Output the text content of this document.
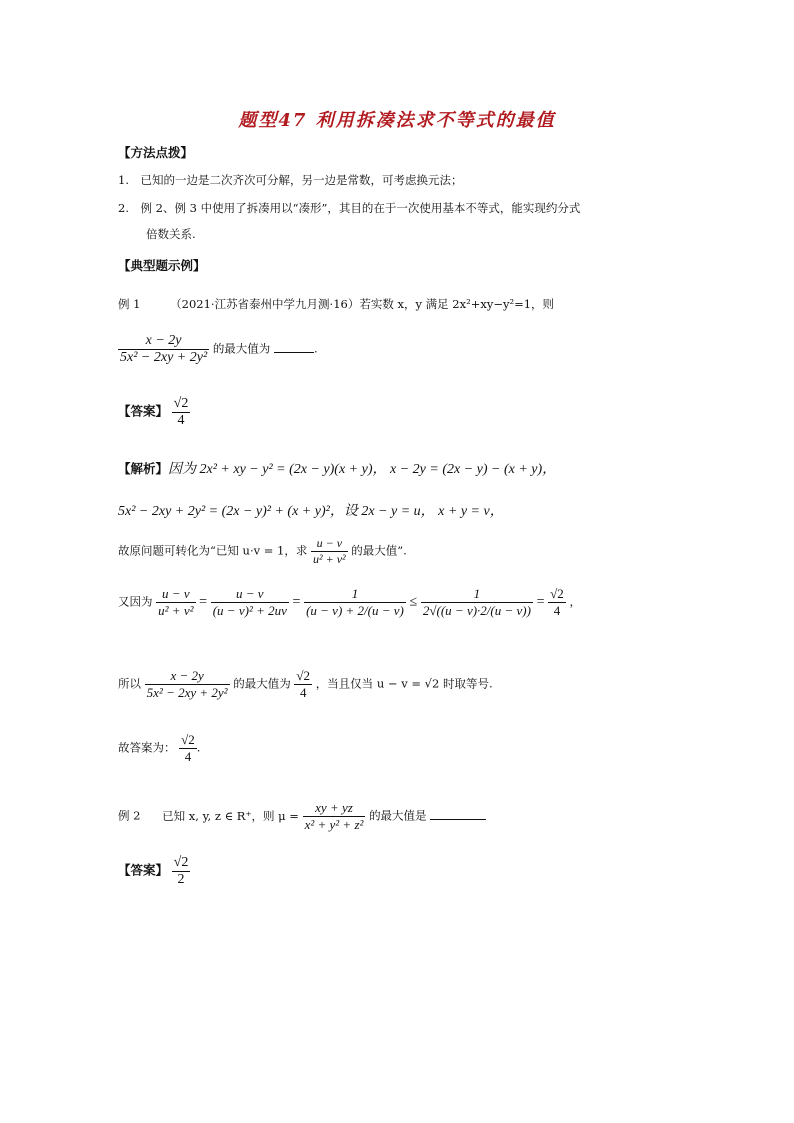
题型47 利用拆凑法求不等式的最值
【方法点拨】
1.　已知的一边是二次齐次可分解，另一边是常数，可考虑换元法；
2.　例 2、例 3 中使用了拆凑用以“凑形”，其目的在于一次使用基本不等式，能实现约分式
倍数关系.
【典型题示例】
例 1	（2021·江苏省泰州中学九月测·16）若实数 x，y 满足 2x²+xy−y²=1，则
$\frac{x - 2y}{\text{5x² − 2xy + 2y²}}$ 的最大值为	.
【答案】 $\frac{√2}{4}$
【解析】因为 2x² + xy − y² = (2x − y)(x + y)， x − 2y = (2x − y) − (x + y)，
5x² − 2xy + 2y² = (2x − y)² + (x + y)²，设 2x − y = u， x + y = v，
故原问题可转化为“已知 u·v = 1，求 $\frac{u - v}{\text{u² + v²}}$ 的最大值”.
又因为 $\frac{u - v}{\text{u² + v²}} = \frac{u - v}{\text{(u − v)² + 2uv}} = \frac{1}{(u - v) + 2/(u - v)} \le \frac{1}{2√((u - v)\cdot 2/(u - v))} = \frac{√2}{4}$ ，
所以 $\frac{x - 2y}{\text{5x² − 2xy + 2y²}}$ 的最大值为 $\frac{√2}{4}$ ，当且仅当 u − v = √2 时取等号.
故答案为： $\frac{√2}{4}$ .
例 2 已知 x, y, z ∈ R⁺，则 $\mu = \frac{xy + yz}{\text{x² + y² + z²}}$ 的最大值是
【答案】 $\frac{√2}{2}$
